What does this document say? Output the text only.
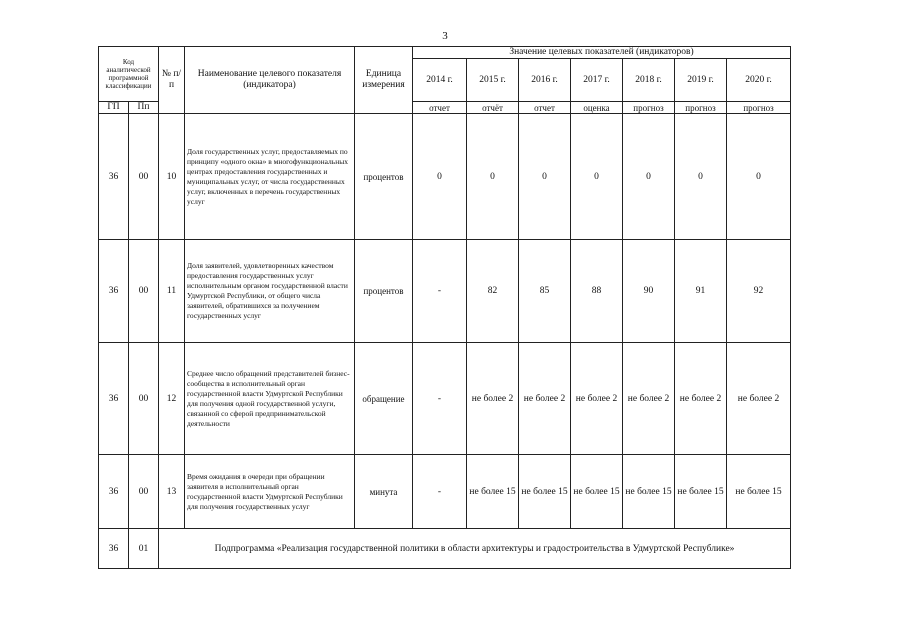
3
Код аналитической программной классификации		№ п/п	Наименование целевого показателя (индикатора)	Единица измерения	Значение целевых показателей (индикаторов)						
					2014 г.	2015 г.	2016 г.	2017 г.	2018 г.	2019 г.	2020 г.
ГП	Пп				отчет	отчёт	отчет	оценка	прогноз	прогноз	прогноз
36	00	10	Доля государственных услуг, предоставляемых по принципу «одного окна» в многофункциональных центрах предоставления государственных и муниципальных услуг, от числа государственных услуг, включенных в перечень государственных услуг	процентов	0	0	0	0	0	0	0
36	00	11	Доля заявителей, удовлетворенных качеством предоставления государственных услуг исполнительным органом государственной власти Удмуртской Республики, от общего числа заявителей, обратившихся за получением государственных услуг	процентов	-	82	85	88	90	91	92
36	00	12	Среднее число обращений представителей бизнес-сообщества в исполнительный орган государственной власти Удмуртской Республики для получения одной государственной услуги, связанной со сферой предпринимательской деятельности	обращение	-	не более 2	не более 2	не более 2	не более 2	не более 2	не более 2
36	00	13	Время ожидания в очереди при обращении заявителя в исполнительный орган государственной власти Удмуртской Республики для получения государственных услуг	минута	-	не более 15	не более 15	не более 15	не более 15	не более 15	не более 15
36	01	Подпрограмма «Реализация государственной политики в области архитектуры и градостроительства в Удмуртской Республике»									
